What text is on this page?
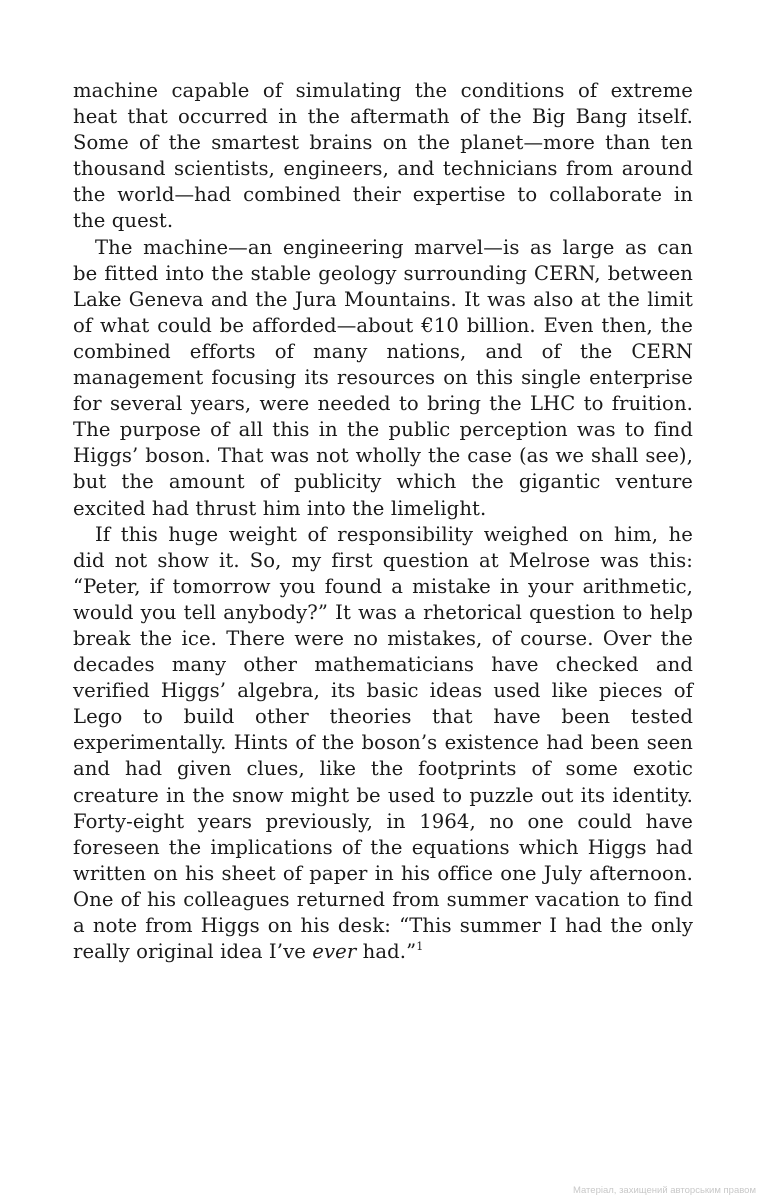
machine capable of simulating the conditions of extreme heat that occurred in the aftermath of the Big Bang itself. Some of the smartest brains on the planet—more than ten thousand scientists, engineers, and technicians from around the world—had combined their expertise to collaborate in the quest.

The machine—an engineering marvel—is as large as can be fitted into the stable geology surrounding CERN, between Lake Geneva and the Jura Mountains. It was also at the limit of what could be afforded—about €10 billion. Even then, the combined efforts of many nations, and of the CERN management focusing its resources on this single enterprise for several years, were needed to bring the LHC to fruition. The purpose of all this in the public perception was to find Higgs’ boson. That was not wholly the case (as we shall see), but the amount of publicity which the gigantic venture excited had thrust him into the limelight.

If this huge weight of responsibility weighed on him, he did not show it. So, my first question at Melrose was this: “Peter, if tomorrow you found a mistake in your arithmetic, would you tell anybody?” It was a rhetorical question to help break the ice. There were no mistakes, of course. Over the decades many other mathematicians have checked and verified Higgs’ algebra, its basic ideas used like pieces of Lego to build other theories that have been tested experimentally. Hints of the boson’s existence had been seen and had given clues, like the footprints of some exotic creature in the snow might be used to puzzle out its identity. Forty-eight years previously, in 1964, no one could have foreseen the implications of the equations which Higgs had written on his sheet of paper in his office one July afternoon. One of his colleagues returned from summer vacation to find a note from Higgs on his desk: “This summer I had the only really original idea I’ve ever had.”$^1$

Матеріал, захищений авторським правом
